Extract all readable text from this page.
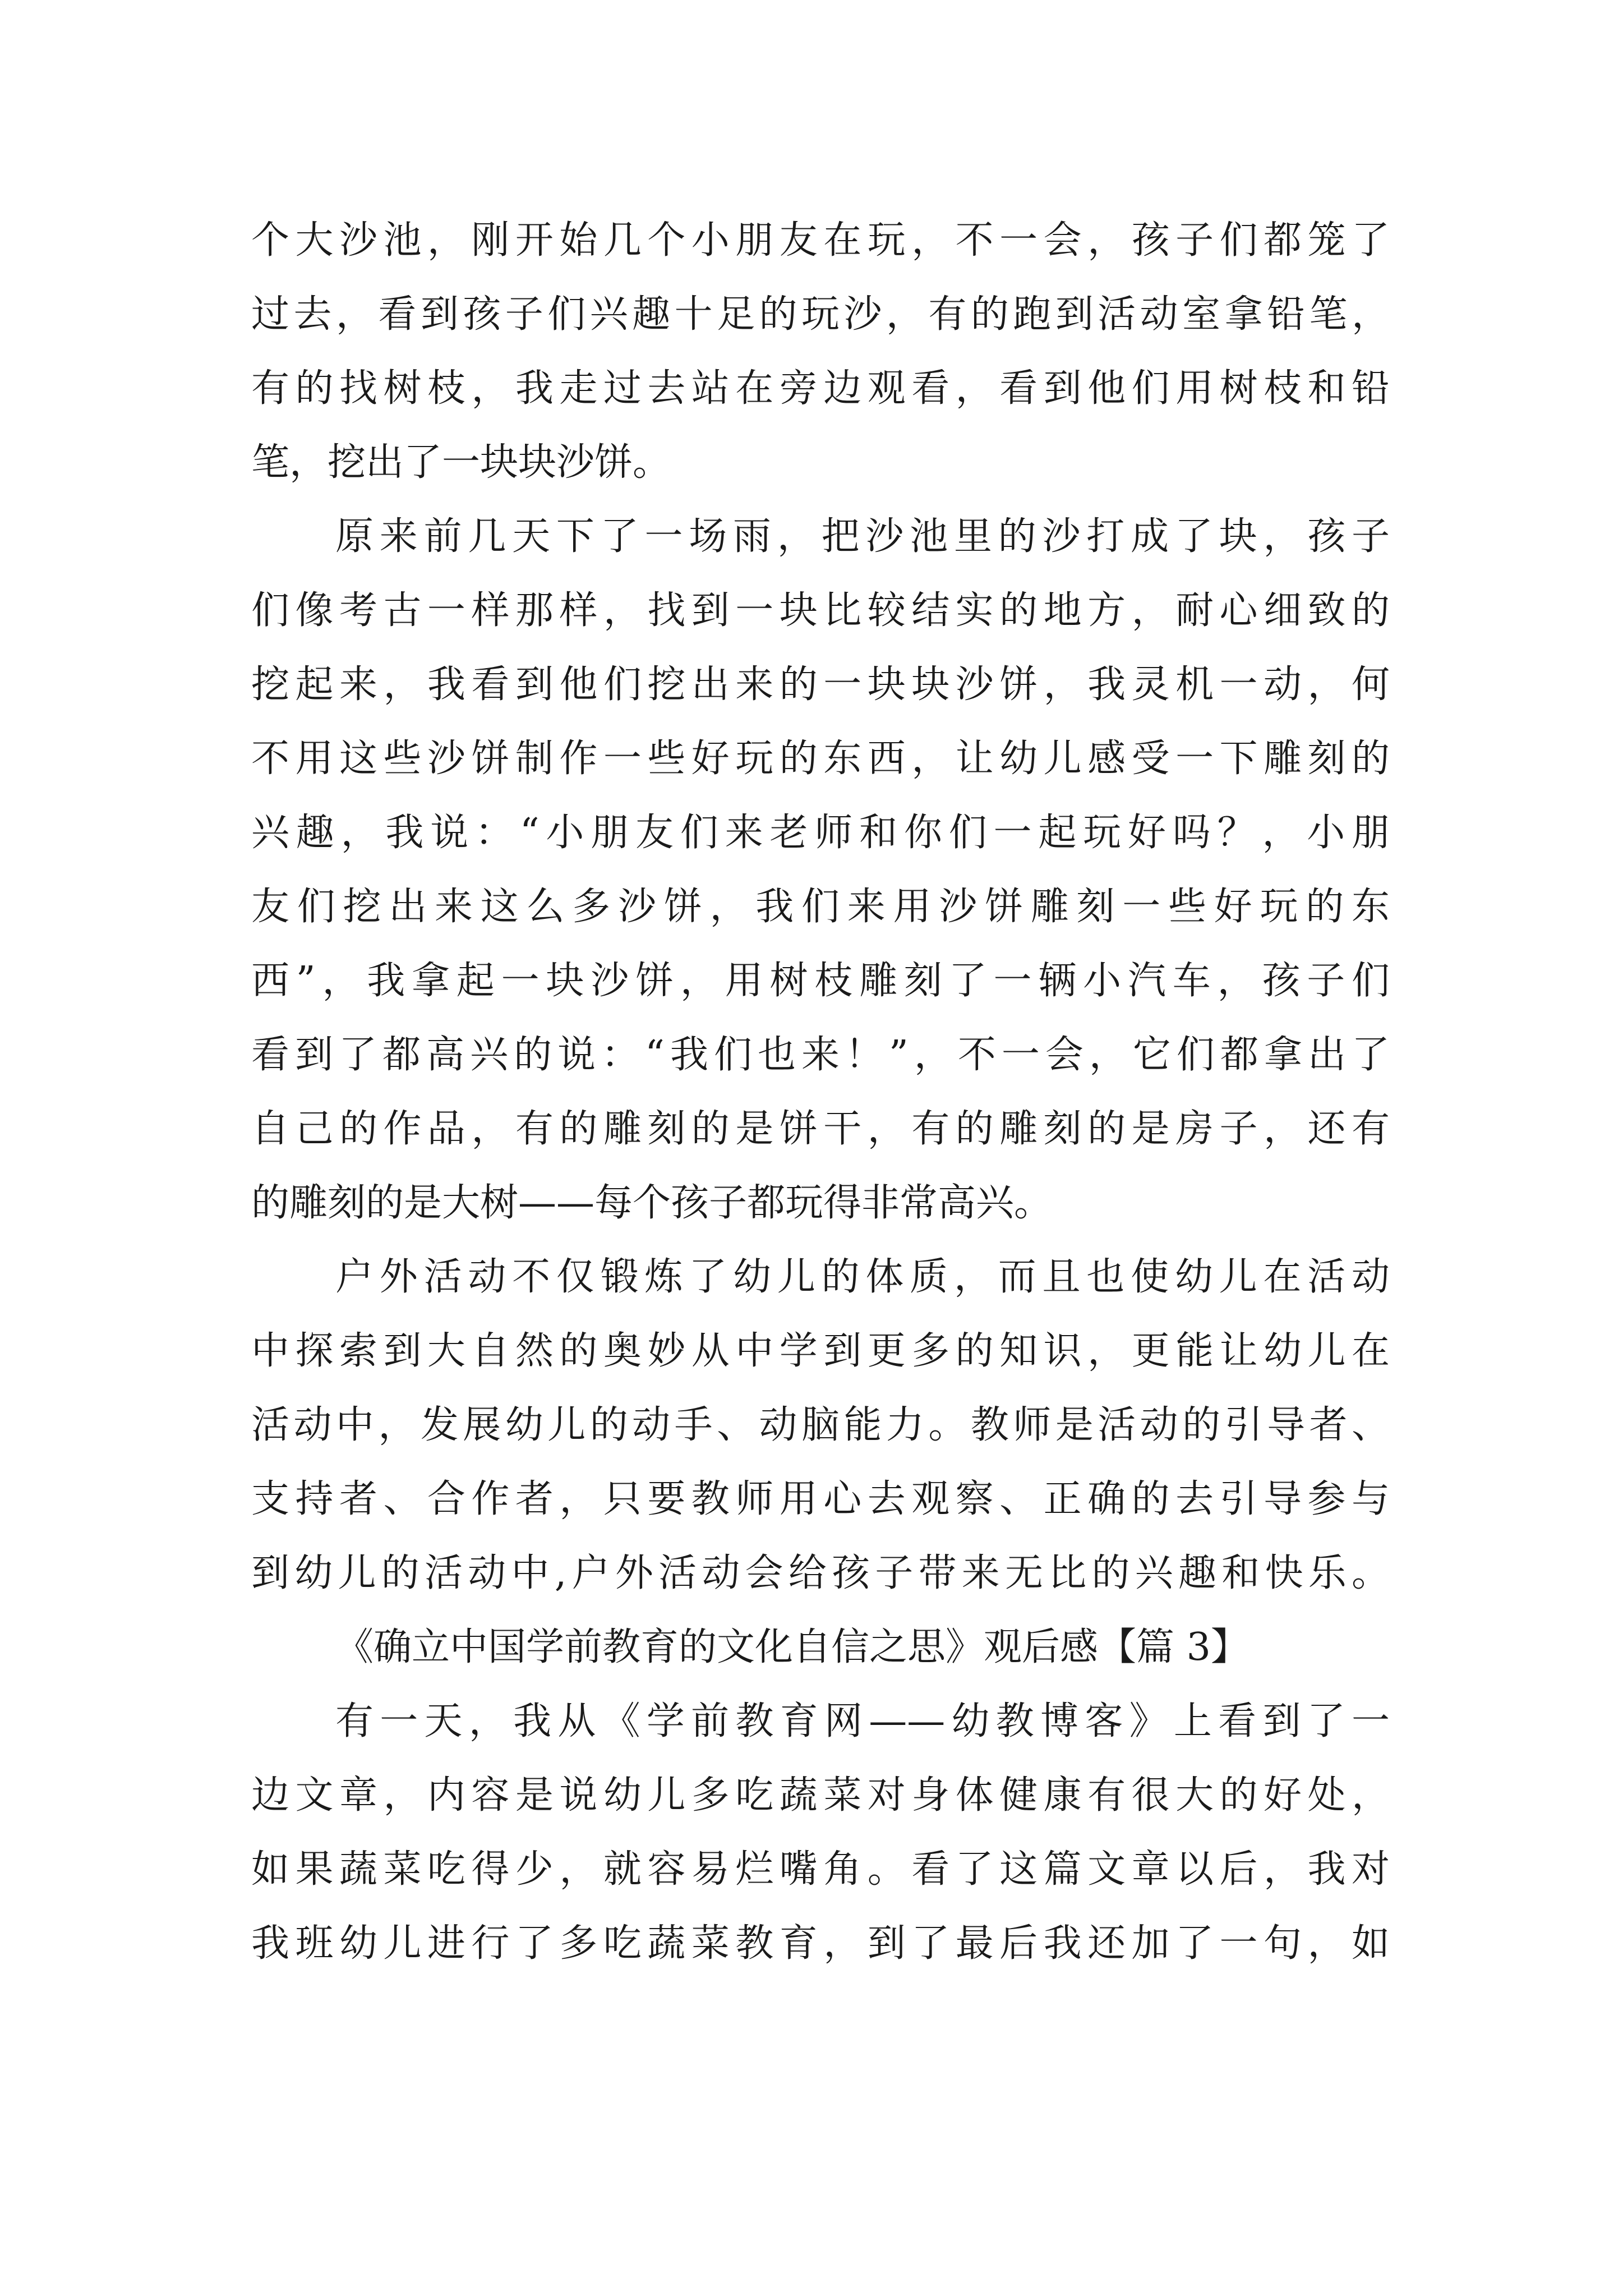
个大沙池，刚开始几个小朋友在玩，不一会，孩子们都笼了
过去，看到孩子们兴趣十足的玩沙，有的跑到活动室拿铅笔，
有的找树枝，我走过去站在旁边观看，看到他们用树枝和铅
笔，挖出了一块块沙饼。
原来前几天下了一场雨，把沙池里的沙打成了块，孩子
们像考古一样那样，找到一块比较结实的地方，耐心细致的
挖起来，我看到他们挖出来的一块块沙饼，我灵机一动，何
不用这些沙饼制作一些好玩的东西，让幼儿感受一下雕刻的
兴趣，我说：“小朋友们来老师和你们一起玩好吗？，小朋
友们挖出来这么多沙饼，我们来用沙饼雕刻一些好玩的东
西”，我拿起一块沙饼，用树枝雕刻了一辆小汽车，孩子们
看到了都高兴的说：“我们也来！”，不一会，它们都拿出了
自己的作品，有的雕刻的是饼干，有的雕刻的是房子，还有
的雕刻的是大树——每个孩子都玩得非常高兴。
户外活动不仅锻炼了幼儿的体质，而且也使幼儿在活动
中探索到大自然的奥妙从中学到更多的知识，更能让幼儿在
活动中，发展幼儿的动手、动脑能力。教师是活动的引导者、
支持者、合作者，只要教师用心去观察、正确的去引导参与
到幼儿的活动中,户外活动会给孩子带来无比的兴趣和快乐。
《确立中国学前教育的文化自信之思》观后感【篇 3】
有一天，我从《学前教育网——幼教博客》上看到了一
边文章，内容是说幼儿多吃蔬菜对身体健康有很大的好处，
如果蔬菜吃得少，就容易烂嘴角。看了这篇文章以后，我对
我班幼儿进行了多吃蔬菜教育，到了最后我还加了一句，如
